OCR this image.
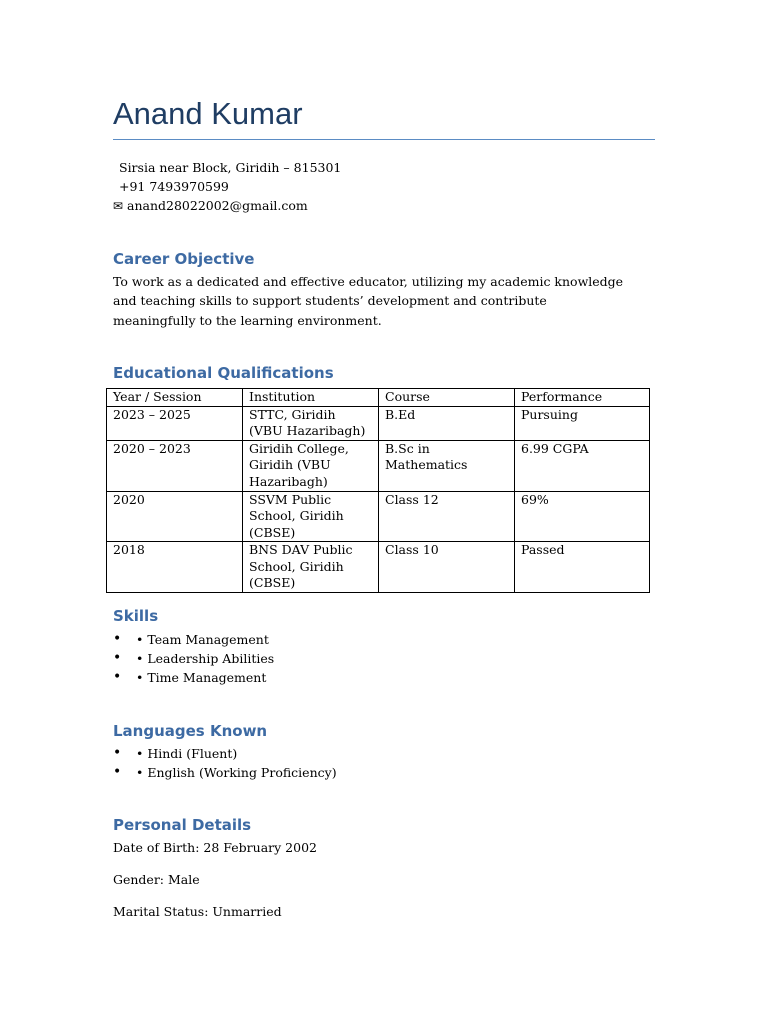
Anand Kumar
Sirsia near Block, Giridih – 815301
+91 7493970599
✉ anand28022002@gmail.com
Career Objective
To work as a dedicated and effective educator, utilizing my academic knowledge and teaching skills to support students’ development and contribute meaningfully to the learning environment.
Educational Qualifications
Year / Session	Institution	Course	Performance
2023 – 2025	STTC, Giridih (VBU Hazaribagh)	B.Ed	Pursuing
2020 – 2023	Giridih College, Giridih (VBU Hazaribagh)	B.Sc in Mathematics	6.99 CGPA
2020	SSVM Public School, Giridih (CBSE)	Class 12	69%
2018	BNS DAV Public School, Giridih (CBSE)	Class 10	Passed
Skills
• • Team Management
• • Leadership Abilities
• • Time Management
Languages Known
• • Hindi (Fluent)
• • English (Working Proficiency)
Personal Details
Date of Birth: 28 February 2002
Gender: Male
Marital Status: Unmarried
